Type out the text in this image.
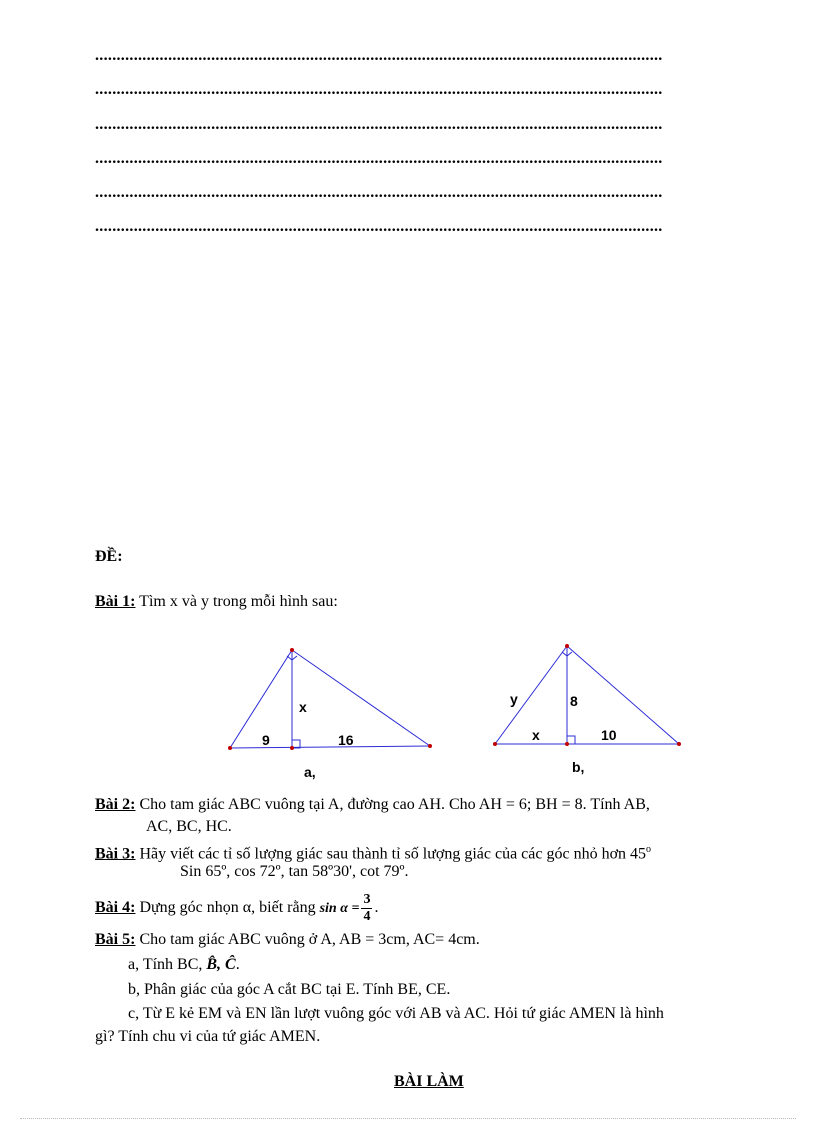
....................................................................................................................................
....................................................................................................................................
....................................................................................................................................
....................................................................................................................................
....................................................................................................................................
....................................................................................................................................
ĐỀ:
Bài 1: Tìm x và y trong mỗi hình sau:
x
9	16
a,
y	8
x	10
b,
Bài 2: Cho tam giác ABC vuông tại A, đường cao AH. Cho AH = 6; BH = 8. Tính AB,
AC, BC, HC.
Bài 3: Hãy viết các tỉ số lượng giác sau thành tỉ số lượng giác của các góc nhỏ hơn 45$^o$
Sin 65º, cos 72º, tan 58º30', cot 79º.
Bài 4: Dựng góc nhọn α, biết rằng $\sin \alpha = \frac{3}{4}$ .
Bài 5: Cho tam giác ABC vuông ở A, AB = 3cm, AC= 4cm.
a, Tính BC, B̂, Ĉ.
b, Phân giác của góc A cắt BC tại E. Tính BE, CE.
c, Từ E kẻ EM và EN lần lượt vuông góc với AB và AC. Hỏi tứ giác AMEN là hình
gì? Tính chu vi của tứ giác AMEN.
BÀI LÀM
